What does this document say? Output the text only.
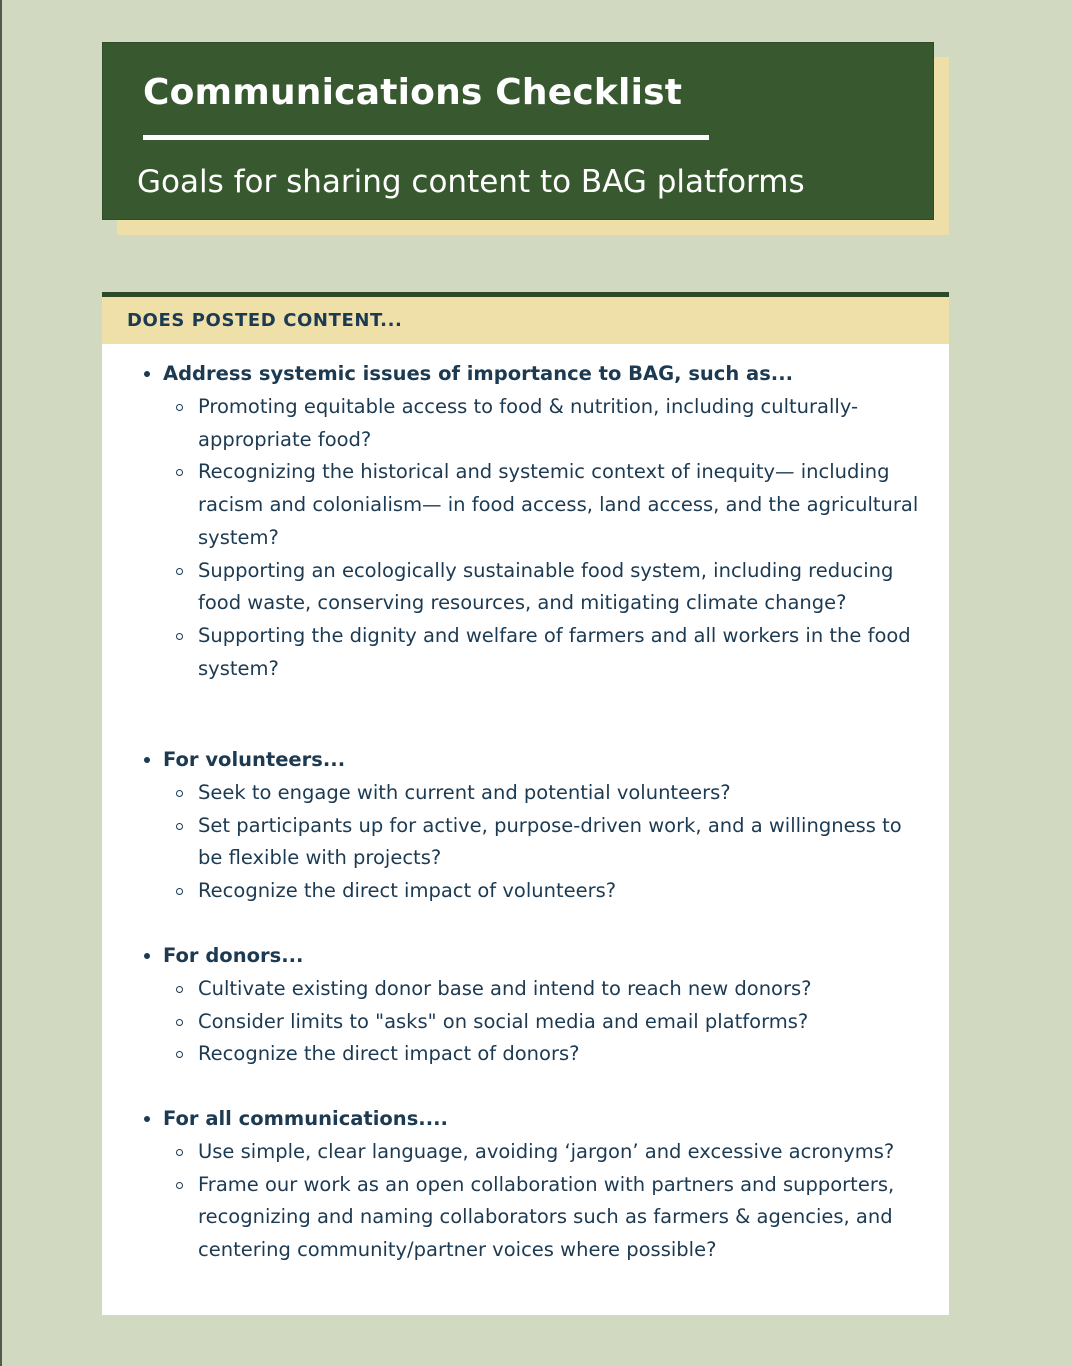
Communications Checklist

Goals for sharing content to BAG platforms

DOES POSTED CONTENT...
Address systemic issues of importance to BAG, such as...
Promoting equitable access to food & nutrition, including culturally-appropriate food?
Recognizing the historical and systemic context of inequity— including racism and colonialism— in food access, land access, and the agricultural system?
Supporting an ecologically sustainable food system, including reducing food waste, conserving resources, and mitigating climate change?
Supporting the dignity and welfare of farmers and all workers in the food system?
For volunteers...
Seek to engage with current and potential volunteers?
Set participants up for active, purpose-driven work, and a willingness to be flexible with projects?
Recognize the direct impact of volunteers?
For donors...
Cultivate existing donor base and intend to reach new donors?
Consider limits to "asks" on social media and email platforms?
Recognize the direct impact of donors?
For all communications....
Use simple, clear language, avoiding ‘jargon’ and excessive acronyms?
Frame our work as an open collaboration with partners and supporters, recognizing and naming collaborators such as farmers & agencies, and centering community/partner voices where possible?
